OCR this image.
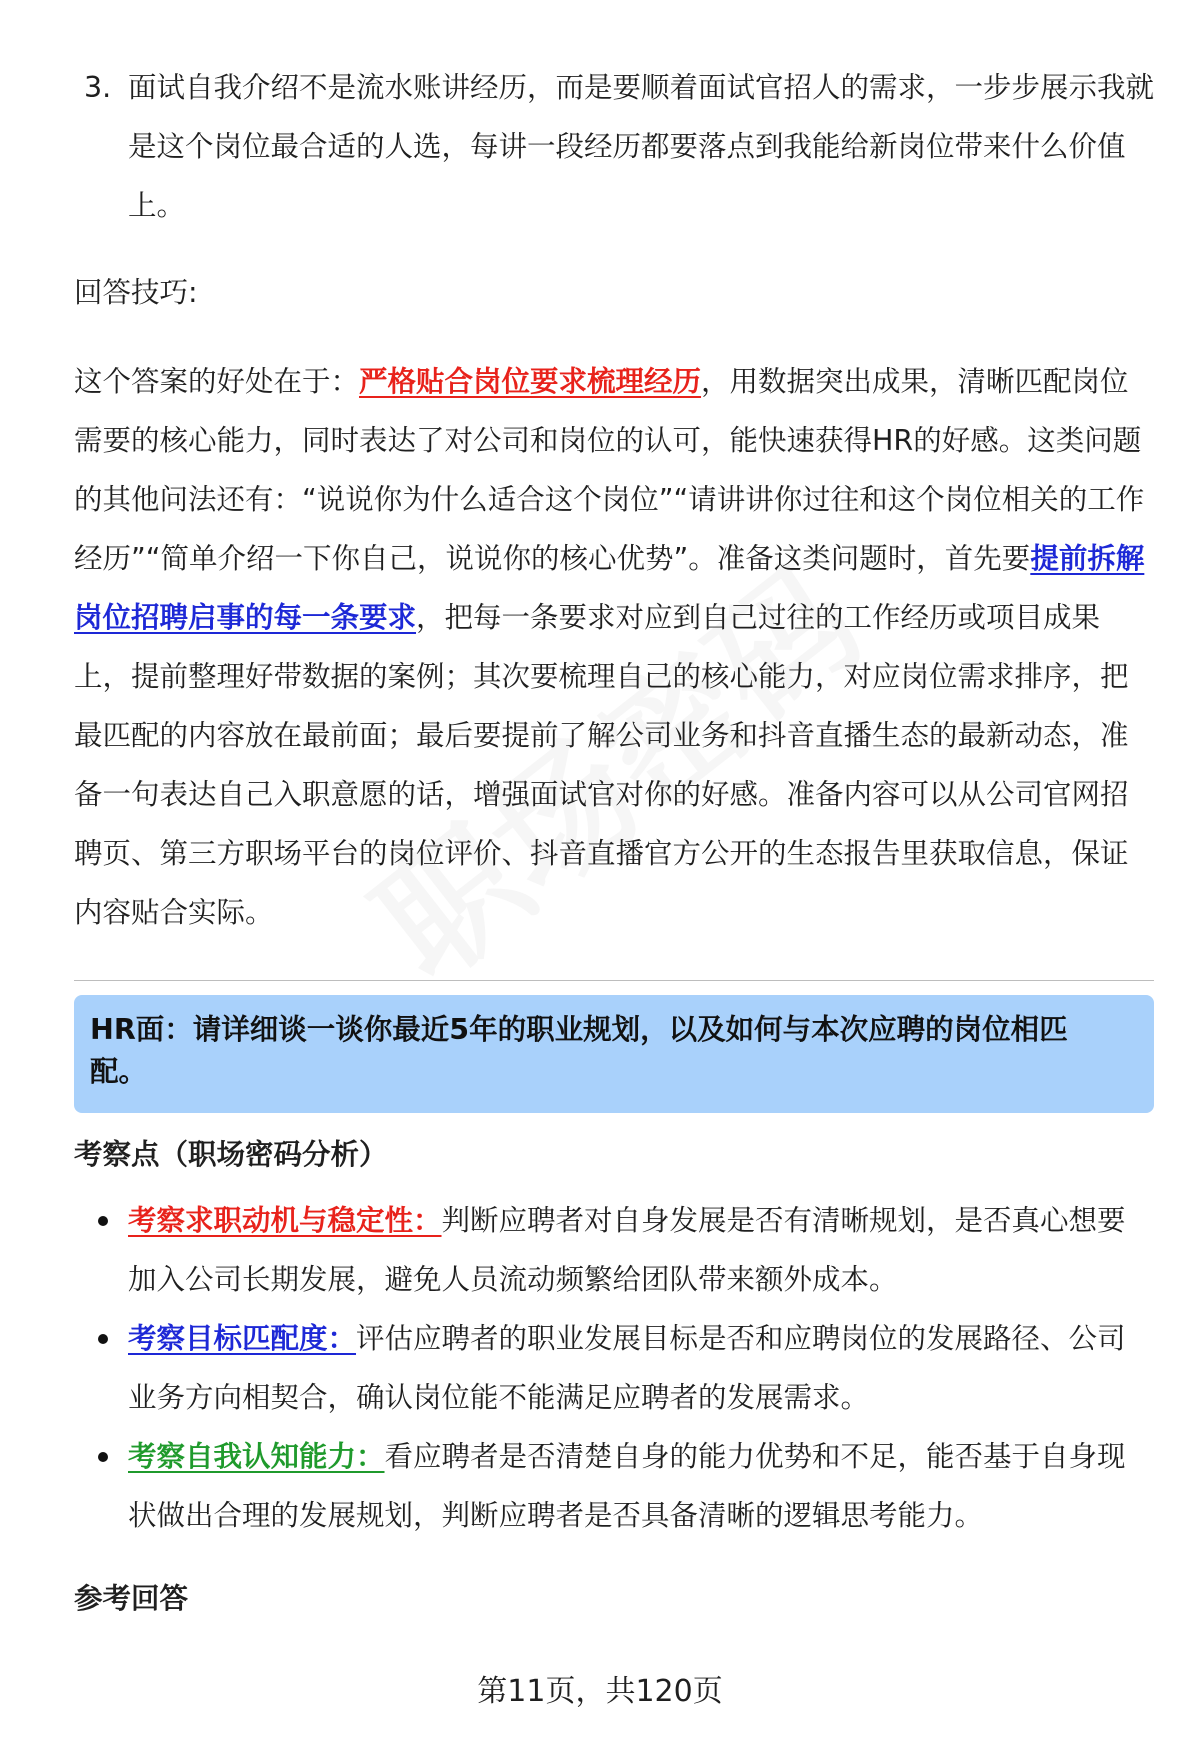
3. 面试自我介绍不是流水账讲经历，而是要顺着面试官招人的需求，一步步展示我就是这个岗位最合适的人选，每讲一段经历都要落点到我能给新岗位带来什么价值上。

回答技巧:

这个答案的好处在于：严格贴合岗位要求梳理经历，用数据突出成果，清晰匹配岗位需要的核心能力，同时表达了对公司和岗位的认可，能快速获得HR的好感。这类问题的其他问法还有：“说说你为什么适合这个岗位”“请讲讲你过往和这个岗位相关的工作经历”“简单介绍一下你自己，说说你的核心优势”。准备这类问题时，首先要提前拆解岗位招聘启事的每一条要求，把每一条要求对应到自己过往的工作经历或项目成果上，提前整理好带数据的案例；其次要梳理自己的核心能力，对应岗位需求排序，把最匹配的内容放在最前面；最后要提前了解公司业务和抖音直播生态的最新动态，准备一句表达自己入职意愿的话，增强面试官对你的好感。准备内容可以从公司官网招聘页、第三方职场平台的岗位评价、抖音直播官方公开的生态报告里获取信息，保证内容贴合实际。

HR面：请详细谈一谈你最近5年的职业规划，以及如何与本次应聘的岗位相匹配。
考察点（职场密码分析）
考察求职动机与稳定性：判断应聘者对自身发展是否有清晰规划，是否真心想要加入公司长期发展，避免人员流动频繁给团队带来额外成本。
考察目标匹配度：评估应聘者的职业发展目标是否和应聘岗位的发展路径、公司业务方向相契合，确认岗位能不能满足应聘者的发展需求。
考察自我认知能力：看应聘者是否清楚自身的能力优势和不足，能否基于自身现状做出合理的发展规划，判断应聘者是否具备清晰的逻辑思考能力。
参考回答
第11页，共120页
